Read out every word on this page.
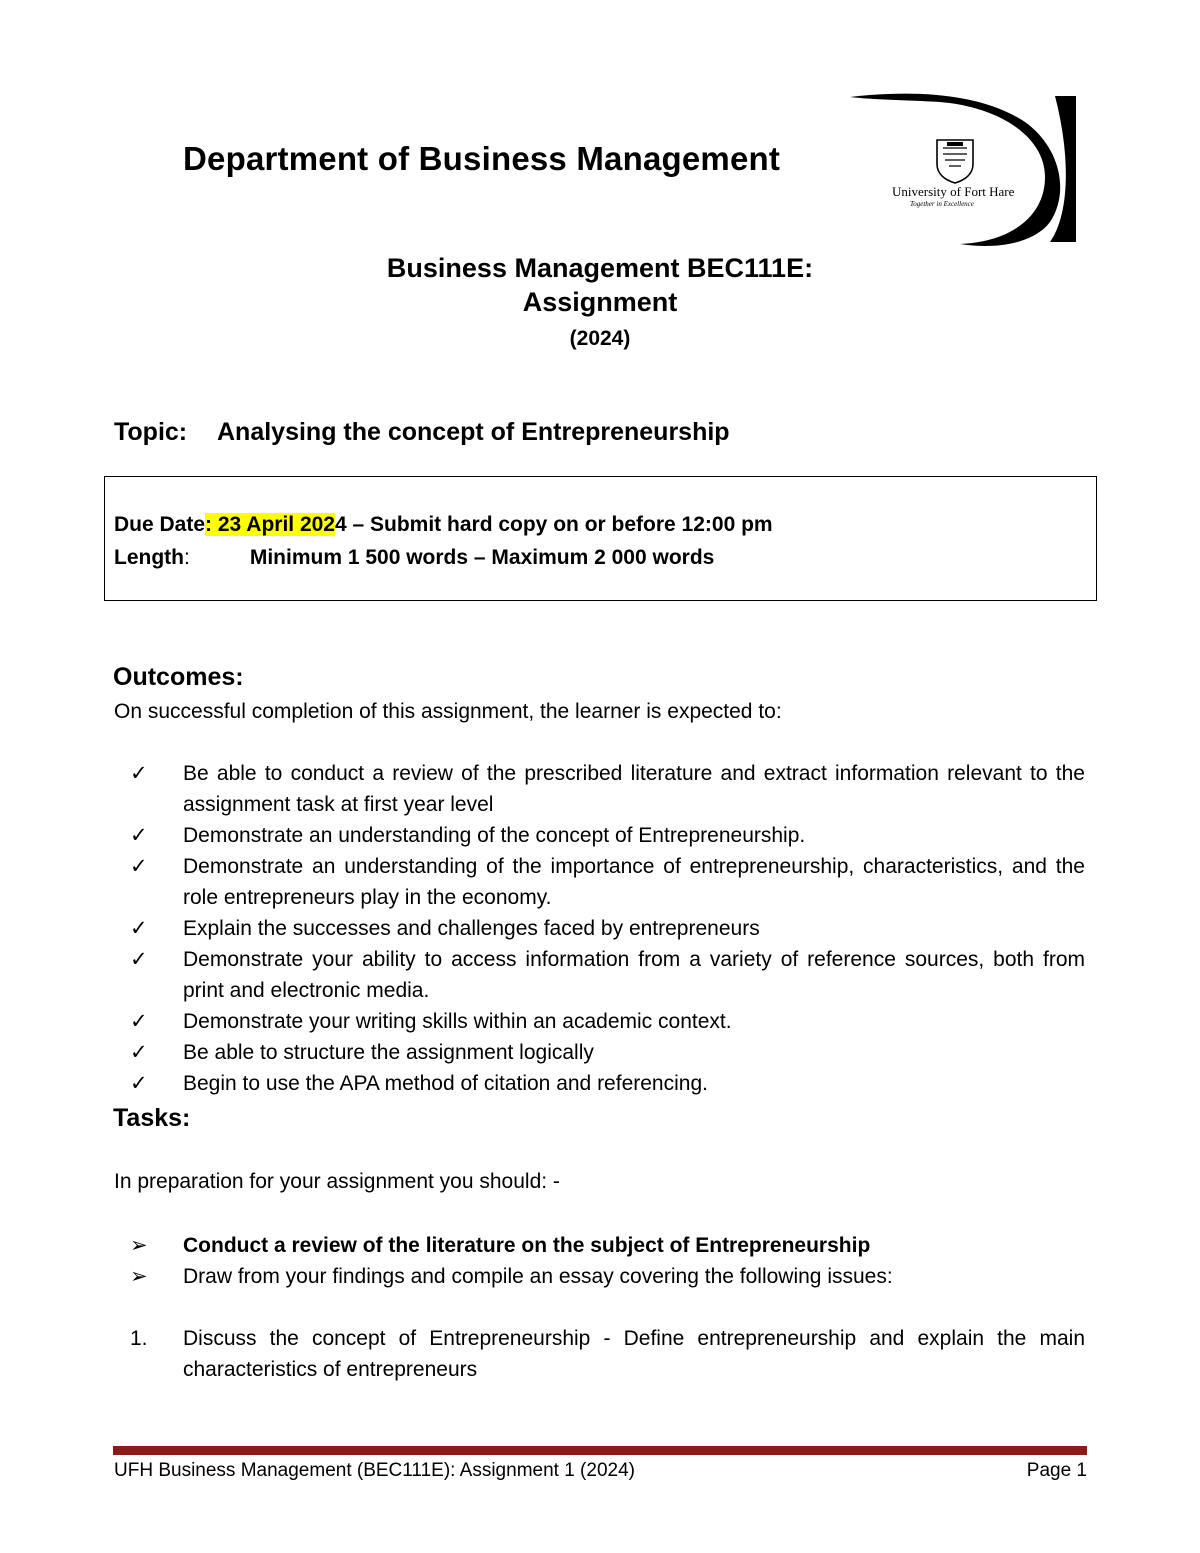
Department of Business Management
University of Fort Hare
Together in Excellence
Business Management BEC111E:
Assignment
(2024)
Topic: Analysing the concept of Entrepreneurship
Due Date: 23 April 2024 – Submit hard copy on or before 12:00 pm
Length:	Minimum 1 500 words – Maximum 2 000 words
Outcomes:
On successful completion of this assignment, the learner is expected to:
✓ Be able to conduct a review of the prescribed literature and extract information relevant to the assignment task at first year level
✓ Demonstrate an understanding of the concept of Entrepreneurship.
✓ Demonstrate an understanding of the importance of entrepreneurship, characteristics, and the role entrepreneurs play in the economy.
✓ Explain the successes and challenges faced by entrepreneurs
✓ Demonstrate your ability to access information from a variety of reference sources, both from print and electronic media.
✓ Demonstrate your writing skills within an academic context.
✓ Be able to structure the assignment logically
✓ Begin to use the APA method of citation and referencing.
Tasks:
In preparation for your assignment you should: -
➢ Conduct a review of the literature on the subject of Entrepreneurship
➢ Draw from your findings and compile an essay covering the following issues:
1. Discuss the concept of Entrepreneurship - Define entrepreneurship and explain the main characteristics of entrepreneurs
UFH Business Management (BEC111E): Assignment 1 (2024)	Page 1
